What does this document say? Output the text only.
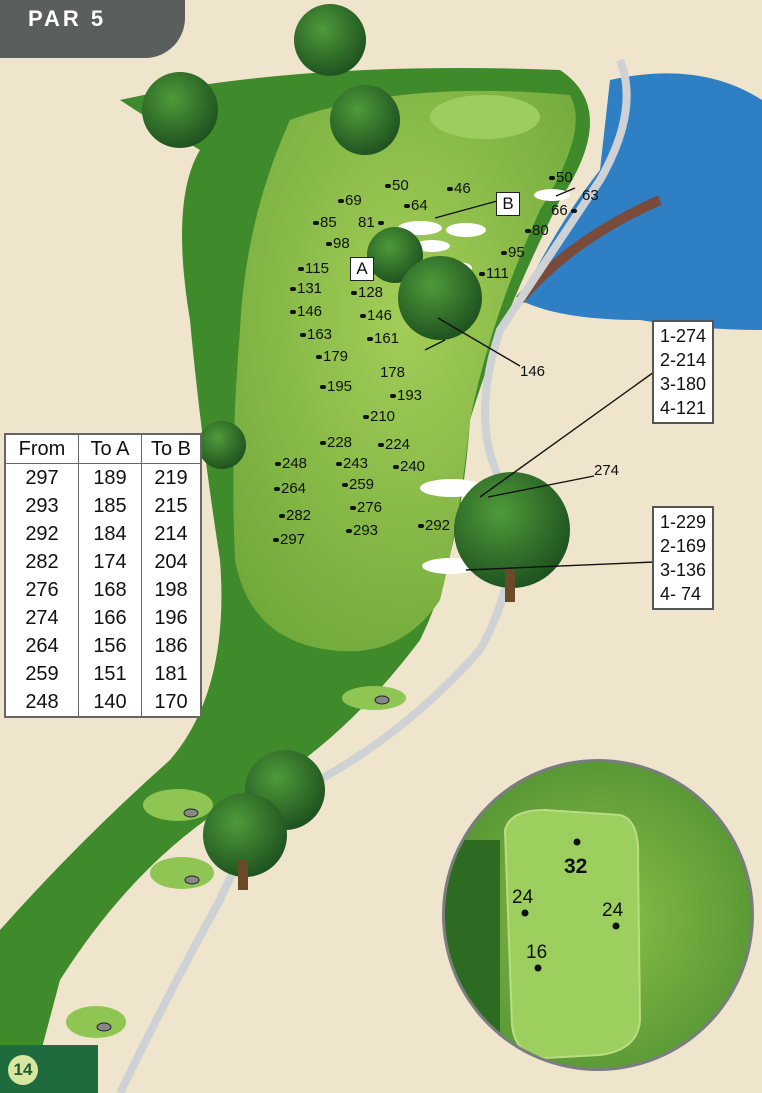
PAR 5
50	46
69	64
85 81
98
50
63
66
80
95
111
115
131	128
146	146
163	161
179
178	146
195
193
210
228	224
248	243	240
264	259
282	276
293	292
297
274
A
B
1-274
2-214
3-180
4-121
1-229
2-169
3-136
4- 74
From	To A	To B
297	189	219
293	185	215
292	184	214
282	174	204
276	168	198
274	166	196
264	156	186
259	151	181
248	140	170
32
24
24
16
14
